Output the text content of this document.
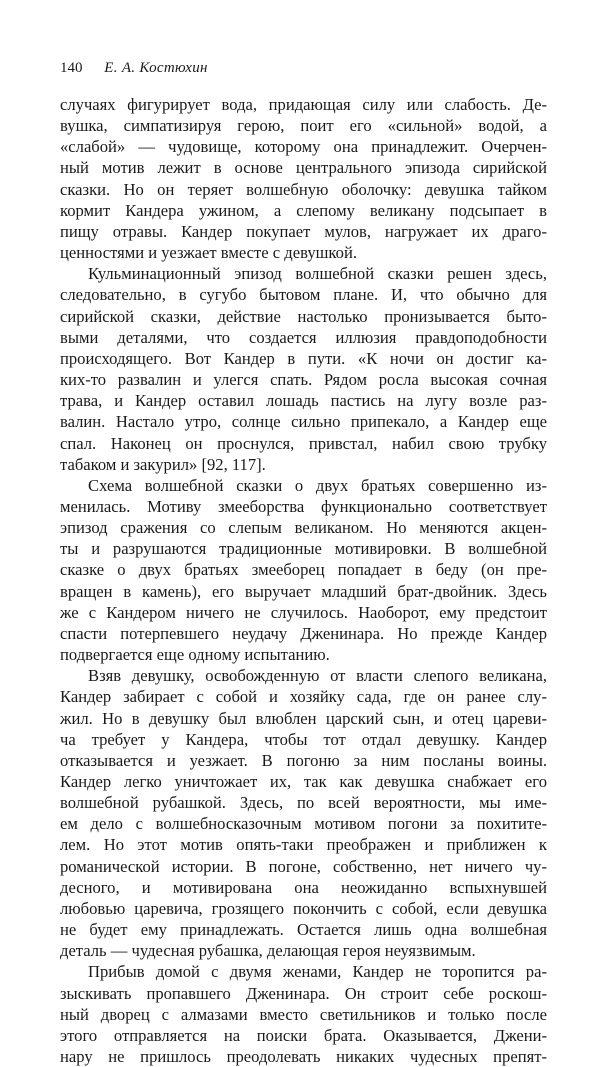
140 Е. А. Костюхин

случаях фигурирует вода, придающая силу или слабость. Де-
вушка, симпатизируя герою, поит его «сильной» водой, а
«слабой» — чудовище, которому она принадлежит. Очерчен-
ный мотив лежит в основе центрального эпизода сирийской
сказки. Но он теряет волшебную оболочку: девушка тайком
кормит Кандера ужином, а слепому великану подсыпает в
пищу отравы. Кандер покупает мулов, нагружает их драго-
ценностями и уезжает вместе с девушкой.

Кульминационный эпизод волшебной сказки решен здесь,
следовательно, в сугубо бытовом плане. И, что обычно для
сирийской сказки, действие настолько пронизывается быто-
выми деталями, что создается иллюзия правдоподобности
происходящего. Вот Кандер в пути. «К ночи он достиг ка-
ких-то развалин и улегся спать. Рядом росла высокая сочная
трава, и Кандер оставил лошадь пастись на лугу возле раз-
валин. Настало утро, солнце сильно припекало, а Кандер еще
спал. Наконец он проснулся, привстал, набил свою трубку
табаком и закурил» [92, 117].

Схема волшебной сказки о двух братьях совершенно из-
менилась. Мотиву змееборства функционально соответствует
эпизод сражения со слепым великаном. Но меняются акцен-
ты и разрушаются традиционные мотивировки. В волшебной
сказке о двух братьях змееборец попадает в беду (он пре-
вращен в камень), его выручает младший брат-двойник. Здесь
же с Кандером ничего не случилось. Наоборот, ему предстоит
спасти потерпевшего неудачу Дженинара. Но прежде Кандер
подвергается еще одному испытанию.

Взяв девушку, освобожденную от власти слепого великана,
Кандер забирает с собой и хозяйку сада, где он ранее слу-
жил. Но в девушку был влюблен царский сын, и отец цареви-
ча требует у Кандера, чтобы тот отдал девушку. Кандер
отказывается и уезжает. В погоню за ним посланы воины.
Кандер легко уничтожает их, так как девушка снабжает его
волшебной рубашкой. Здесь, по всей вероятности, мы име-
ем дело с волшебносказочным мотивом погони за похитите-
лем. Но этот мотив опять-таки преображен и приближен к
романической истории. В погоне, собственно, нет ничего чу-
десного, и мотивирована она неожиданно вспыхнувшей
любовью царевича, грозящего покончить с собой, если девушка
не будет ему принадлежать. Остается лишь одна волшебная
деталь — чудесная рубашка, делающая героя неуязвимым.

Прибыв домой с двумя женами, Кандер не торопится ра-
зыскивать пропавшего Дженинара. Он строит себе роскош-
ный дворец с алмазами вместо светильников и только после
этого отправляется на поиски брата. Оказывается, Джени-
нару не пришлось преодолевать никаких чудесных препят-
